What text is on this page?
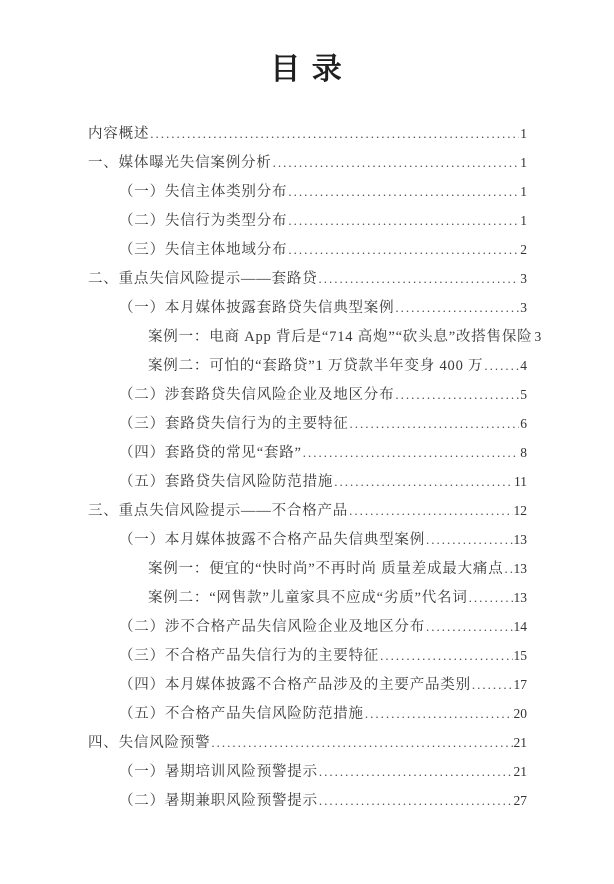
目 录
内容概述 .....	1
一、媒体曝光失信案例分析 .....	1
（一）失信主体类别分布 .....	1
（二）失信行为类型分布 .....	1
（三）失信主体地域分布 .....	2
二、重点失信风险提示——套路贷 .....	3
（一）本月媒体披露套路贷失信典型案例 .....	3
案例一：电商 App 背后是“714 高炮”“砍头息”改搭售保险 3
案例二：可怕的“套路贷”1 万贷款半年变身 400 万 .....	4
（二）涉套路贷失信风险企业及地区分布 .....	5
（三）套路贷失信行为的主要特征 .....	6
（四）套路贷的常见“套路” .....	8
（五）套路贷失信风险防范措施 .....	11
三、重点失信风险提示——不合格产品 .....	12
（一）本月媒体披露不合格产品失信典型案例 .....	13
案例一：便宜的“快时尚”不再时尚 质量差成最大痛点 ..... 13
案例二：“网售款”儿童家具不应成“劣质”代名词 .....	13
（二）涉不合格产品失信风险企业及地区分布 .....	14
（三）不合格产品失信行为的主要特征 .....	15
（四）本月媒体披露不合格产品涉及的主要产品类别 .....	17
（五）不合格产品失信风险防范措施 .....	20
四、失信风险预警 .....	21
（一）暑期培训风险预警提示 .....	21
（二）暑期兼职风险预警提示 .....	27
